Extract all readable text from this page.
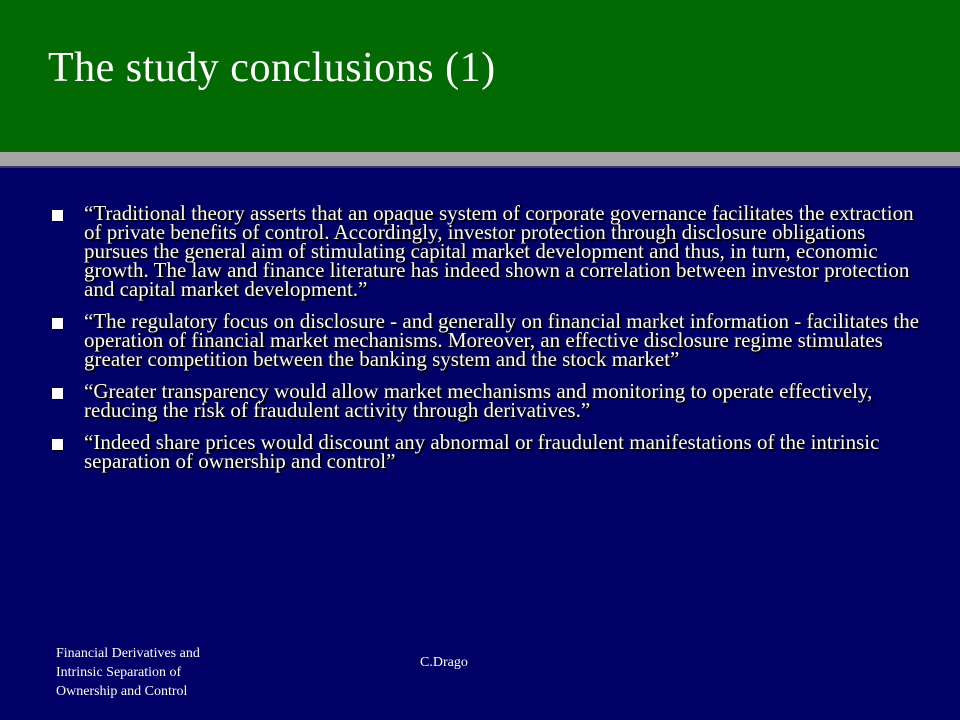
The study conclusions (1)
“Traditional theory asserts that an opaque system of corporate governance facilitates the extraction of private benefits of control. Accordingly, investor protection through disclosure obligations pursues the general aim of stimulating capital market development and thus, in turn, economic growth. The law and finance literature has indeed shown a correlation between investor protection and capital market development.”
“The regulatory focus on disclosure - and generally on financial market information - facilitates the operation of financial market mechanisms. Moreover, an effective disclosure regime stimulates greater competition between the banking system and the stock market”
“Greater transparency would allow market mechanisms and monitoring to operate effectively, reducing the risk of fraudulent activity through derivatives.”
“Indeed share prices would discount any abnormal or fraudulent manifestations of the intrinsic separation of ownership and control”
Financial Derivatives and
Intrinsic Separation of
Ownership and Control
C.Drago
